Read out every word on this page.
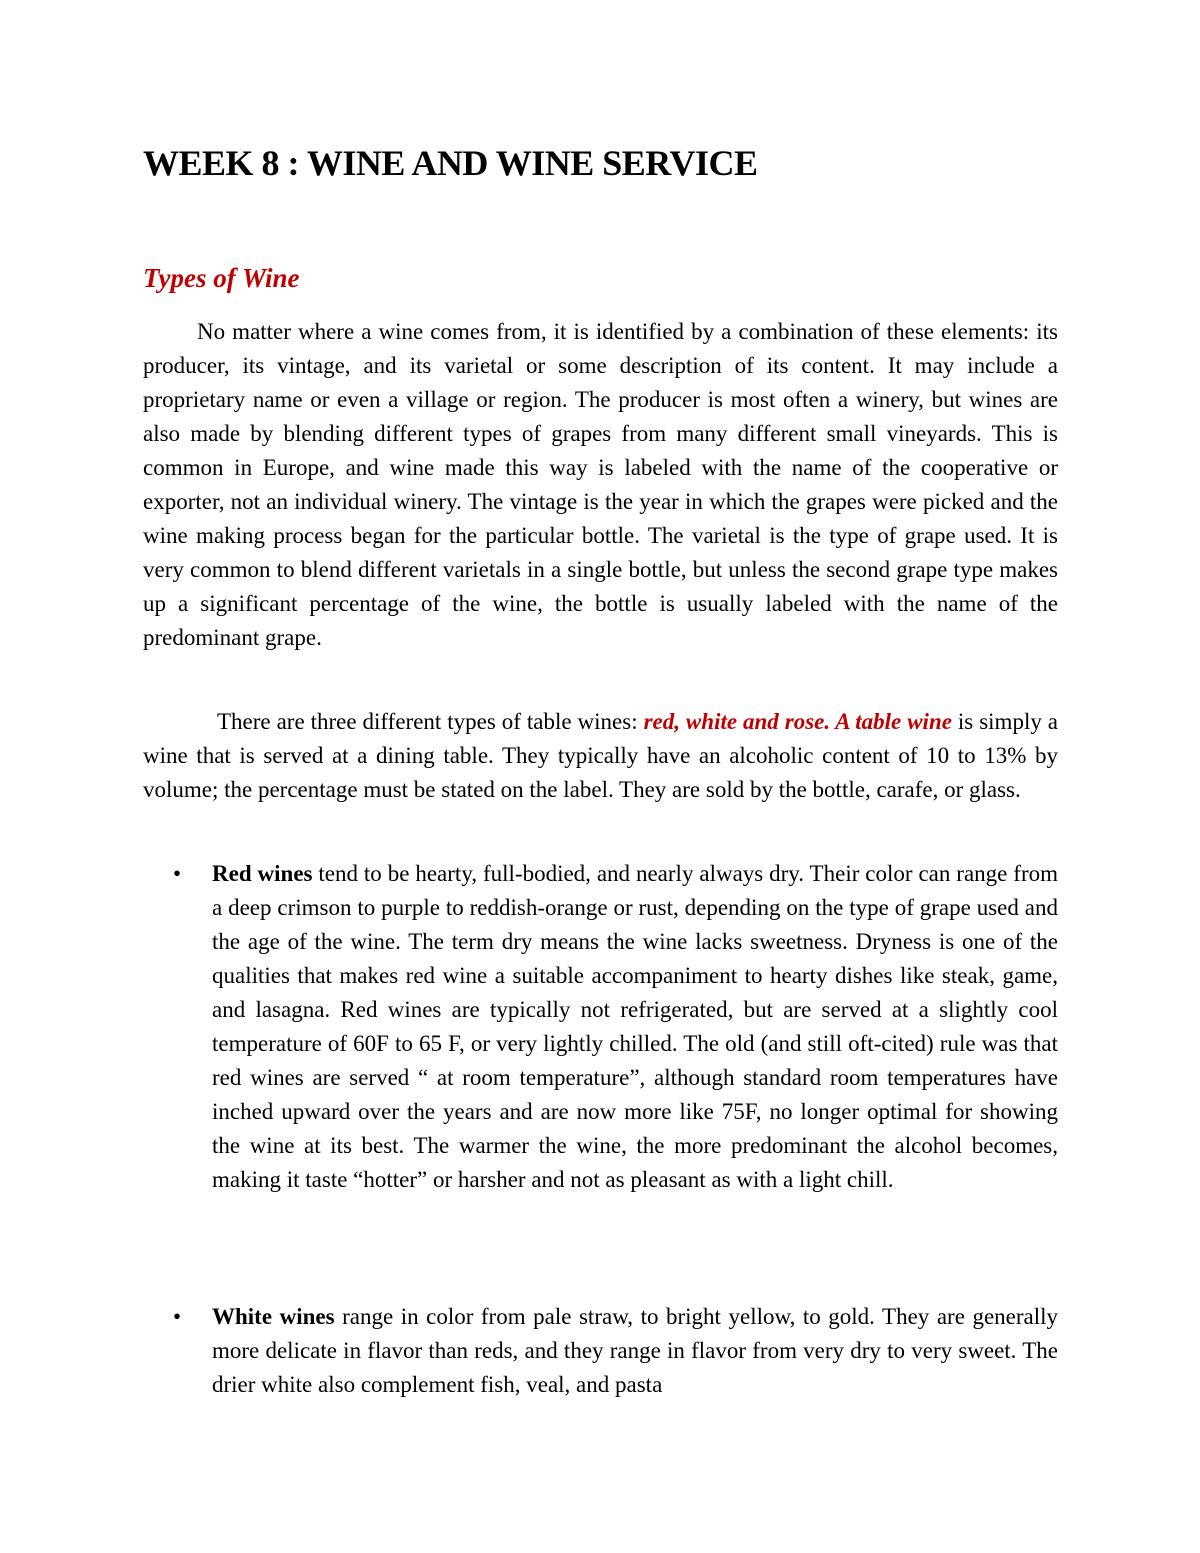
WEEK 8 : WINE AND WINE SERVICE
Types of Wine

No matter where a wine comes from, it is identified by a combination of these elements: its producer, its vintage, and its varietal or some description of its content. It may include a proprietary name or even a village or region. The producer is most often a winery, but wines are also made by blending different types of grapes from many different small vineyards. This is common in Europe, and wine made this way is labeled with the name of the cooperative or exporter, not an individual winery. The vintage is the year in which the grapes were picked and the wine making process began for the particular bottle. The varietal is the type of grape used. It is very common to blend different varietals in a single bottle, but unless the second grape type makes up a significant percentage of the wine, the bottle is usually labeled with the name of the predominant grape.

There are three different types of table wines: red, white and rose. A table wine is simply a wine that is served at a dining table. They typically have an alcoholic content of 10 to 13% by volume; the percentage must be stated on the label. They are sold by the bottle, carafe, or glass.

• Red wines tend to be hearty, full-bodied, and nearly always dry. Their color can range from a deep crimson to purple to reddish-orange or rust, depending on the type of grape used and the age of the wine. The term dry means the wine lacks sweetness. Dryness is one of the qualities that makes red wine a suitable accompaniment to hearty dishes like steak, game, and lasagna. Red wines are typically not refrigerated, but are served at a slightly cool temperature of 60F to 65 F, or very lightly chilled. The old (and still oft-cited) rule was that red wines are served “ at room temperature”, although standard room temperatures have inched upward over the years and are now more like 75F, no longer optimal for showing the wine at its best. The warmer the wine, the more predominant the alcohol becomes, making it taste “hotter” or harsher and not as pleasant as with a light chill.

• White wines range in color from pale straw, to bright yellow, to gold. They are generally more delicate in flavor than reds, and they range in flavor from very dry to very sweet. The drier white also complement fish, veal, and pasta
